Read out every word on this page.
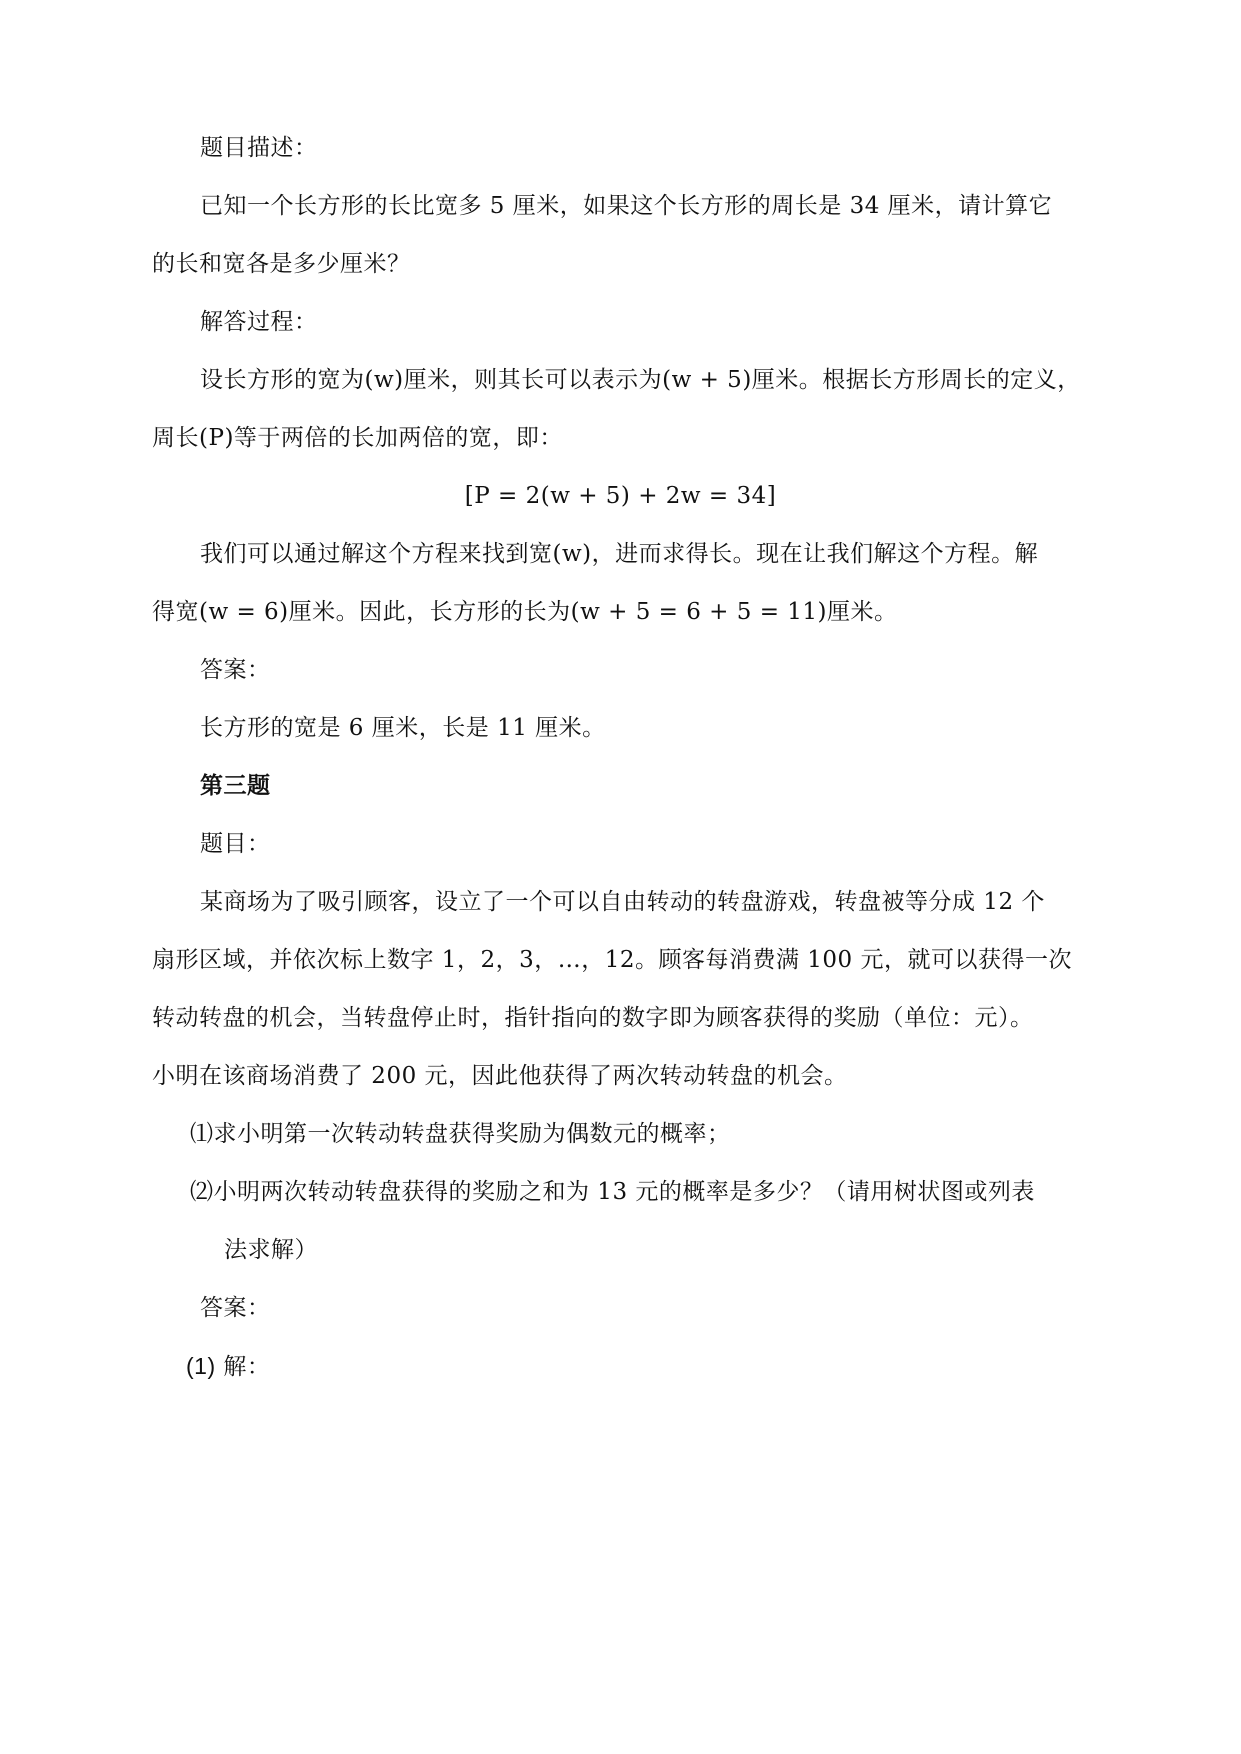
题目描述：
已知一个长方形的长比宽多 5 厘米，如果这个长方形的周长是 34 厘米，请计算它
的长和宽各是多少厘米？
解答过程：
设长方形的宽为(w)厘米，则其长可以表示为(w + 5)厘米。根据长方形周长的定义，
周长(P)等于两倍的长加两倍的宽，即：
[P = 2(w + 5) + 2w = 34]
我们可以通过解这个方程来找到宽(w)，进而求得长。现在让我们解这个方程。解
得宽(w = 6)厘米。因此，长方形的长为(w + 5 = 6 + 5 = 11)厘米。
答案：
长方形的宽是 6 厘米，长是 11 厘米。
第三题
题目：
某商场为了吸引顾客，设立了一个可以自由转动的转盘游戏，转盘被等分成 12 个
扇形区域，并依次标上数字 1，2，3，…，12。顾客每消费满 100 元，就可以获得一次
转动转盘的机会，当转盘停止时，指针指向的数字即为顾客获得的奖励（单位：元）。
小明在该商场消费了 200 元，因此他获得了两次转动转盘的机会。
⑴求小明第一次转动转盘获得奖励为偶数元的概率；
⑵小明两次转动转盘获得的奖励之和为 13 元的概率是多少？（请用树状图或列表
法求解）
答案：
(1) 解：
